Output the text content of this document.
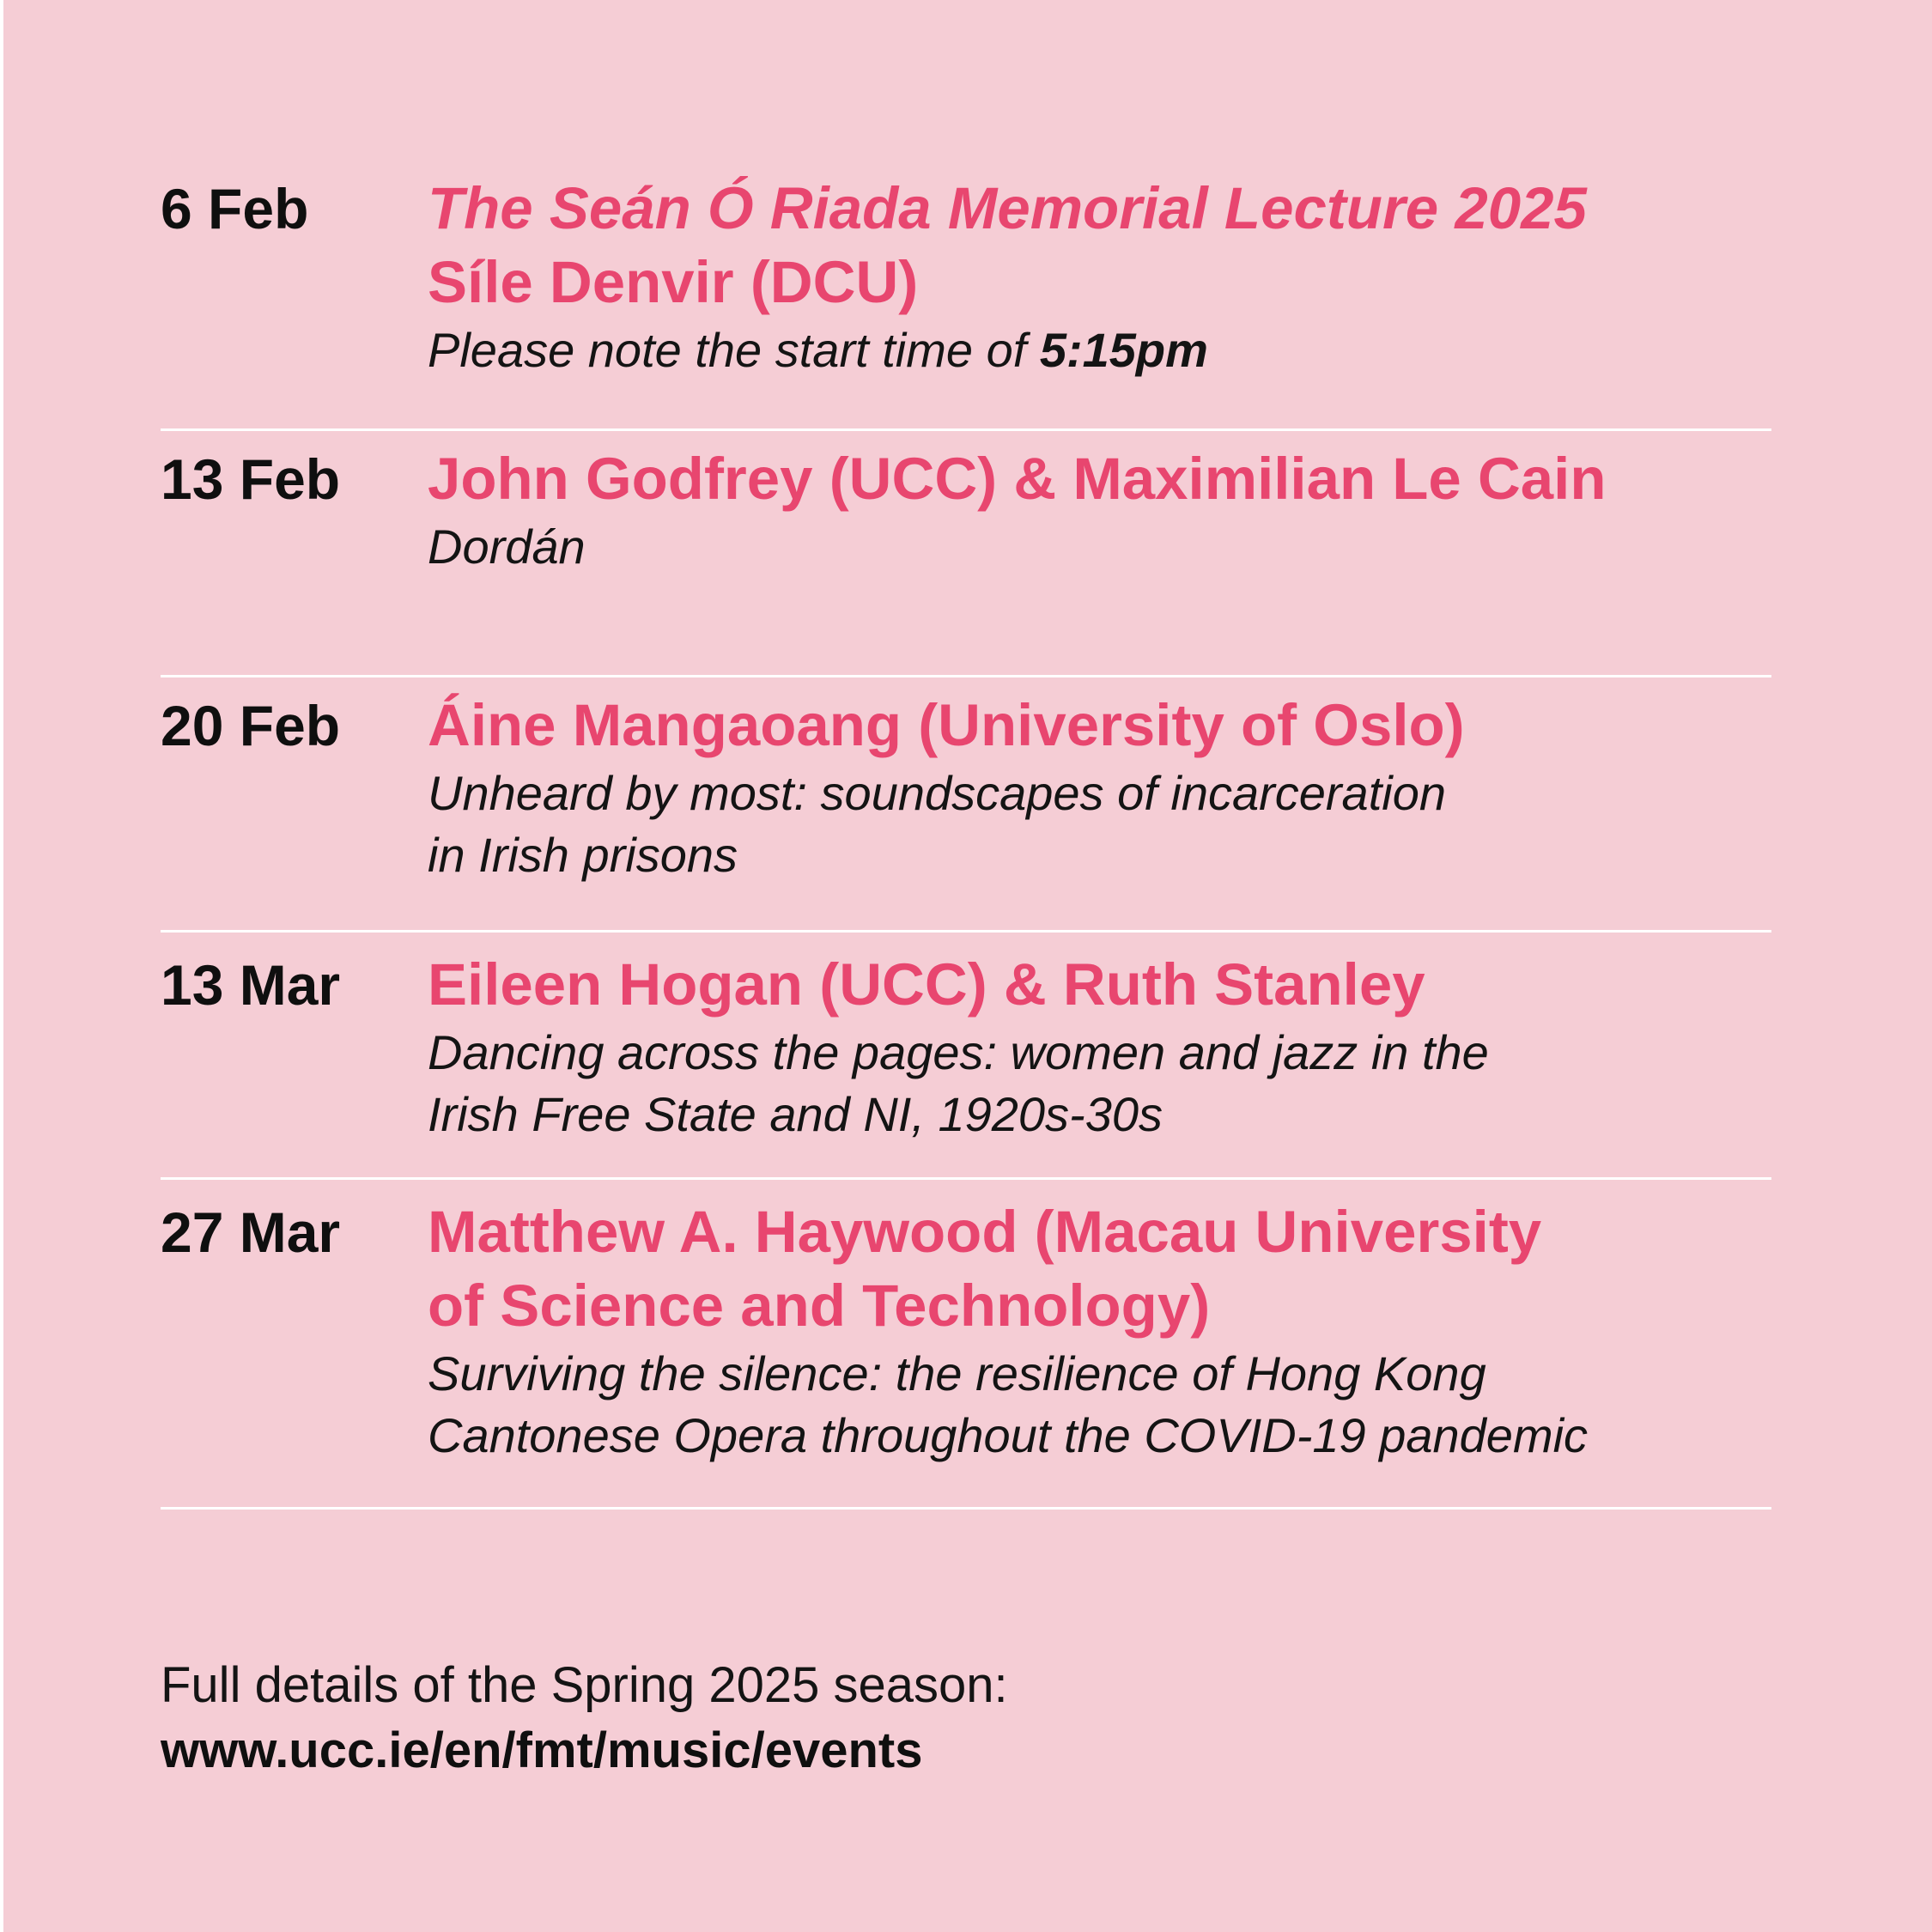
6 Feb The Seán Ó Riada Memorial Lecture 2025
Síle Denvir (DCU)
Please note the start time of 5:15pm
13 Feb John Godfrey (UCC) & Maximilian Le Cain
Dordán
20 Feb Áine Mangaoang (University of Oslo)
Unheard by most: soundscapes of incarceration
in Irish prisons
13 Mar Eileen Hogan (UCC) & Ruth Stanley
Dancing across the pages: women and jazz in the
Irish Free State and NI, 1920s-30s
27 Mar Matthew A. Haywood (Macau University
of Science and Technology)
Surviving the silence: the resilience of Hong Kong
Cantonese Opera throughout the COVID-19 pandemic
Full details of the Spring 2025 season:
www.ucc.ie/en/fmt/music/events
